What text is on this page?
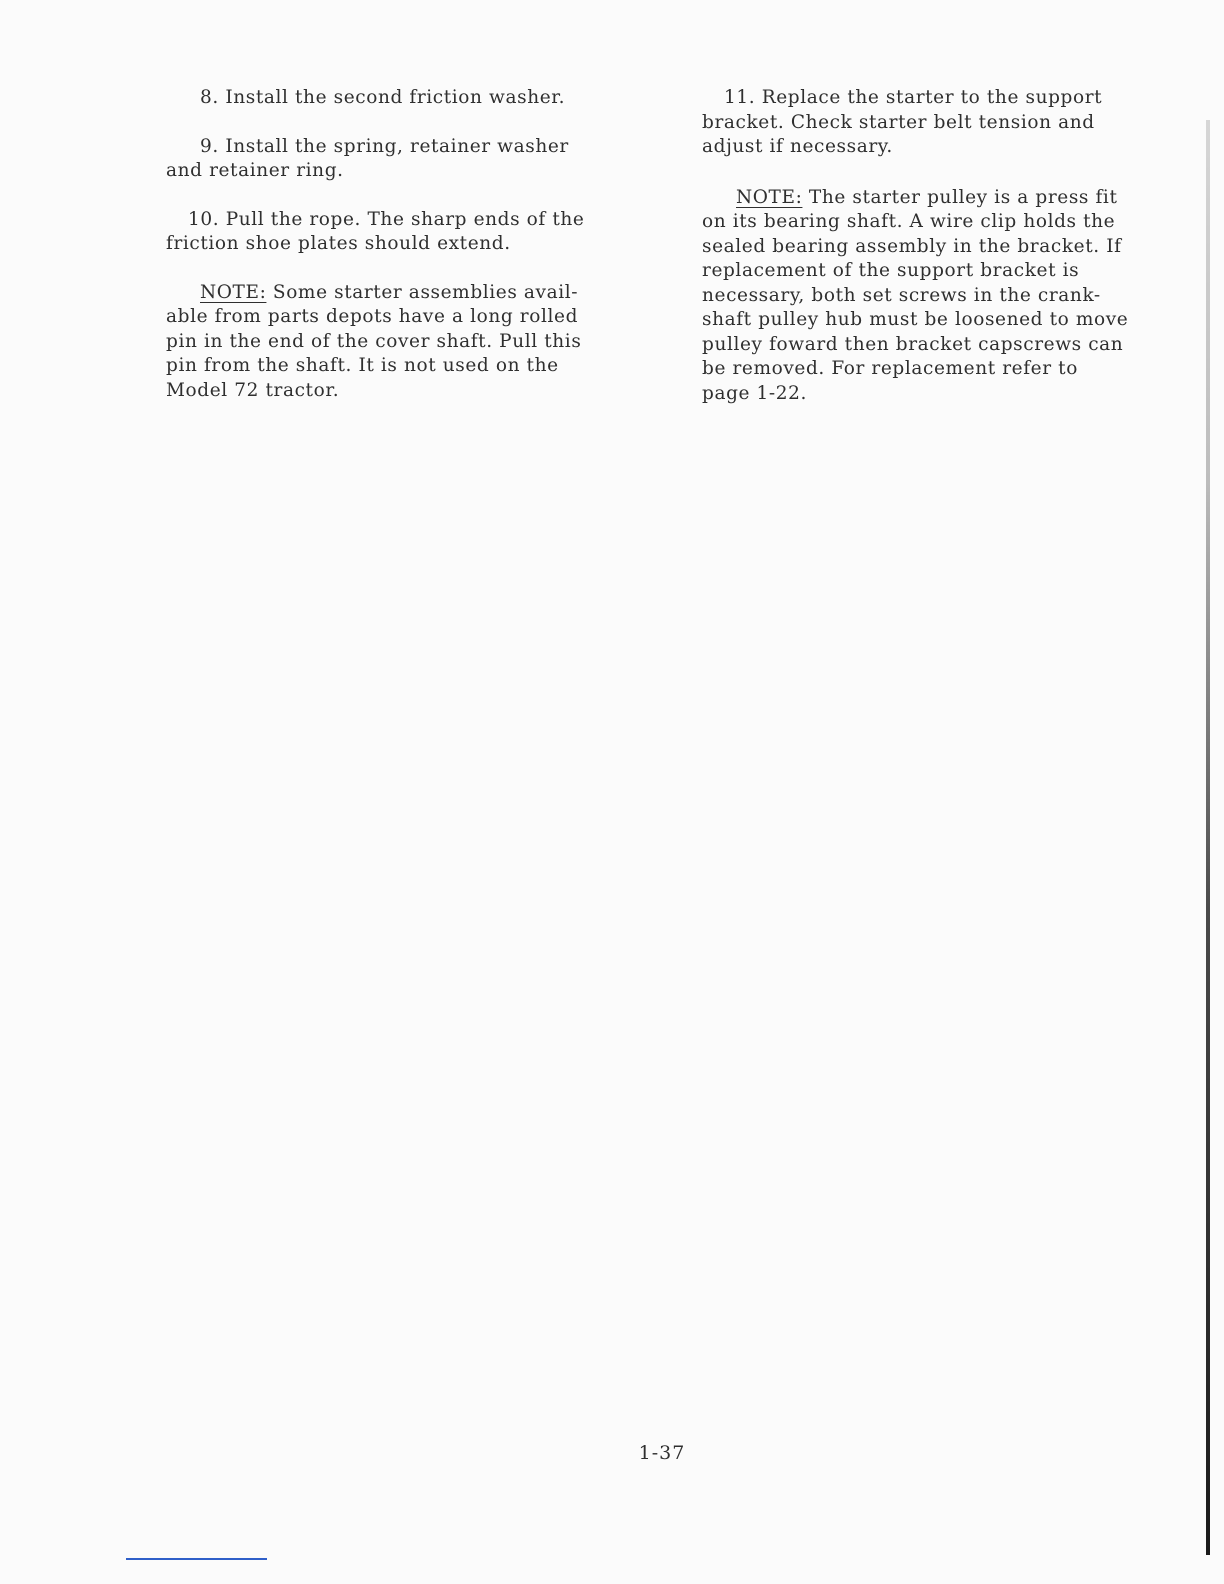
8. Install the second friction washer.

9. Install the spring, retainer washer
and retainer ring.

10. Pull the rope. The sharp ends of the
friction shoe plates should extend.

NOTE: Some starter assemblies avail-
able from parts depots have a long rolled
pin in the end of the cover shaft. Pull this
pin from the shaft. It is not used on the
Model 72 tractor.

11. Replace the starter to the support
bracket. Check starter belt tension and
adjust if necessary.

NOTE: The starter pulley is a press fit
on its bearing shaft. A wire clip holds the
sealed bearing assembly in the bracket. If
replacement of the support bracket is
necessary, both set screws in the crank-
shaft pulley hub must be loosened to move
pulley foward then bracket capscrews can
be removed. For replacement refer to
page 1-22.

1-37
